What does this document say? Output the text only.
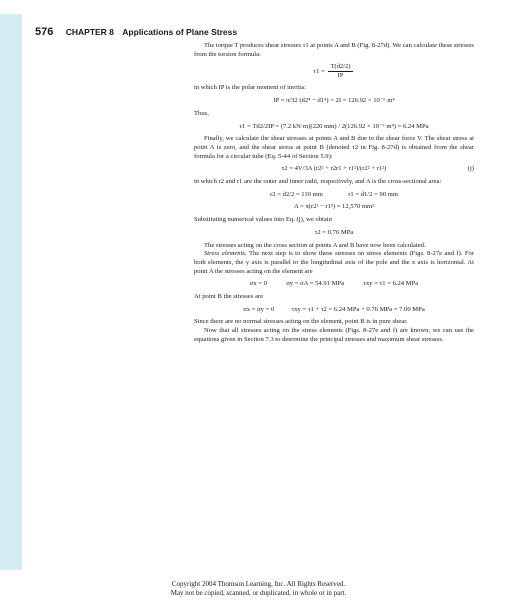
576 CHAPTER 8 Applications of Plane Stress

The torque T produces shear stresses τ1 at points A and B (Fig. 8-27d). We can calculate these stresses from the torsion formula:

$\tau 1 = \frac{T(d2/2)}{IP}$

in which IP is the polar moment of inertia:

IP = π/32 (d2⁴ − d1⁴) = 2I = 126.92 × 10⁻⁶ m⁴

Thus,

τ1 = Td2/2IP = (7.2 kN·m)(220 mm) / 2(126.92 × 10⁻⁶ m⁴) = 6.24 MPa

Finally, we calculate the shear stresses at points A and B due to the shear force V. The shear stress at point A is zero, and the shear stress at point B (denoted τ2 in Fig. 8-27d) is obtained from the shear formula for a circular tube (Eq. 5-44 of Section 5.9):

τ2 = 4V/3A (r2² + r2r1 + r1²)/(r2² + r1²)	(j)

in which r2 and r1 are the outer and inner radii, respectively, and A is the cross-sectional area:

r2 = d2/2 = 110 mm	r1 = d1/2 = 90 mm
A = π(r2² − r1²) = 12,570 mm²

Substituting numerical values into Eq. (j), we obtain

τ2 = 0.76 MPa

The stresses acting on the cross section at points A and B have now been calculated.

Stress elements. The next step is to show these stresses on stress elements (Figs. 8-27e and f). For both elements, the y axis is parallel to the longitudinal axis of the pole and the x axis is horizontal. At point A the stresses acting on the element are

σx = 0	σy = σA = 54.91 MPa	τxy = τ1 = 6.24 MPa

At point B the stresses are

σx = σy = 0	τxy = τ1 + τ2 = 6.24 MPa + 0.76 MPa = 7.00 MPa

Since there are no normal stresses acting on the element, point B is in pure shear.

Now that all stresses acting on the stress elements (Figs. 8-27e and f) are known, we can use the equations given in Section 7.3 to determine the principal stresses and maximum shear stresses.

Copyright 2004 Thomson Learning, Inc. All Rights Reserved.
May not be copied, scanned, or duplicated, in whole or in part.
